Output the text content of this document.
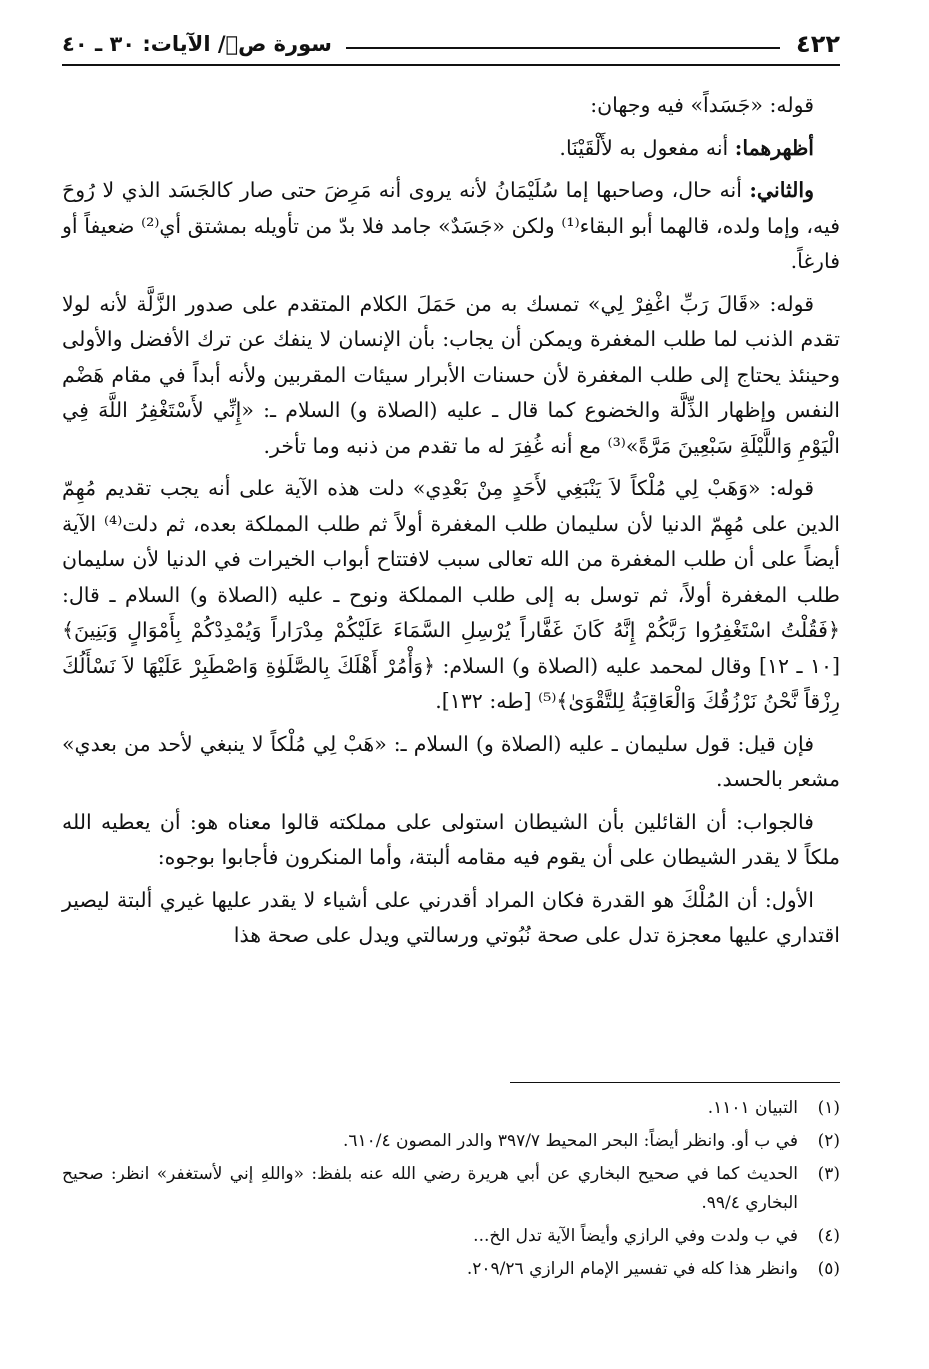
٤٢٢
سورة صۤ/ الآيات: ٣٠ ـ ٤٠

قوله: «جَسَداً» فيه وجهان:

أظهرهما: أنه مفعول به لأَلْقَيْنَا.

والثاني: أنه حال، وصاحبها إما سُلَيْمَانُ لأنه يروى أنه مَرِضَ حتى صار كالجَسَد الذي لا رُوحَ فيه، وإما ولده، قالهما أبو البقاء⁽¹⁾ ولكن «جَسَدٌ» جامد فلا بدّ من تأويله بمشتق أي⁽²⁾ ضعيفاً أو فارغاً.

قوله: «قَالَ رَبِّ اغْفِرْ لِي» تمسك به من حَمَلَ الكلام المتقدم على صدور الزَّلَّة لأنه لولا تقدم الذنب لما طلب المغفرة ويمكن أن يجاب: بأن الإنسان لا ينفك عن ترك الأفضل والأولى وحينئذ يحتاج إلى طلب المغفرة لأن حسنات الأبرار سيئات المقربين ولأنه أبداً في مقام هَضْم النفس وإظهار الذِّلَّة والخضوع كما قال ـ عليه (الصلاة و) السلام ـ: «إِنِّي لأَسْتَغْفِرُ اللَّهَ فِي الْيَوْمِ وَاللَّيْلَةِ سَبْعِينَ مَرَّةً»⁽³⁾ مع أنه غُفِرَ له ما تقدم من ذنبه وما تأخر.

قوله: «وَهَبْ لِي مُلْكاً لاَ يَنْبَغِي لأَحَدٍ مِنْ بَعْدِي» دلت هذه الآية على أنه يجب تقديم مُهِمّ الدين على مُهِمّ الدنيا لأن سليمان طلب المغفرة أولاً ثم طلب المملكة بعده، ثم دلت⁽⁴⁾ الآية أيضاً على أن طلب المغفرة من الله تعالى سبب لافتتاح أبواب الخيرات في الدنيا لأن سليمان طلب المغفرة أولاً، ثم توسل به إلى طلب المملكة ونوح ـ عليه (الصلاة و) السلام ـ قال: ﴿فَقُلْتُ اسْتَغْفِرُوا رَبَّكُمْ إِنَّهُ كَانَ غَفَّاراً يُرْسِلِ السَّمَاءَ عَلَيْكُمْ مِدْرَاراً وَيُمْدِدْكُمْ بِأَمْوَالٍ وَبَنِينَ﴾ [١٠ ـ ١٢] وقال لمحمد عليه (الصلاة و) السلام: ﴿وَأْمُرْ أَهْلَكَ بِالصَّلَوٰةِ وَاصْطَبِرْ عَلَيْهَا لاَ نَسْأَلُكَ رِزْقاً نَّحْنُ نَرْزُقُكَ وَالْعَاقِبَةُ لِلتَّقْوَىٰ﴾⁽⁵⁾ [طه: ١٣٢].

فإن قيل: قول سليمان ـ عليه (الصلاة و) السلام ـ: «هَبْ لِي مُلْكاً لا ينبغي لأحد من بعدي» مشعر بالحسد.

فالجواب: أن القائلين بأن الشيطان استولى على مملكته قالوا معناه هو: أن يعطيه الله ملكاً لا يقدر الشيطان على أن يقوم فيه مقامه ألبتة، وأما المنكرون فأجابوا بوجوه:

الأول: أن المُلْكَ هو القدرة فكان المراد أقدرني على أشياء لا يقدر عليها غيري ألبتة ليصير اقتداري عليها معجزة تدل على صحة نُبُوتي ورسالتي ويدل على صحة هذا

(١)
التبيان ١١٠١.
(٢)
في ب أو. وانظر أيضاً: البحر المحيط ٣٩٧/٧ والدر المصون ٦١٠/٤.
(٣)
الحديث كما في صحيح البخاري عن أبي هريرة رضي الله عنه بلفظ: «واللهِ إني لأستغفر» انظر: صحيح البخاري ٩٩/٤.
(٤)
في ب ولدت وفي الرازي وأيضاً الآية تدل الخ...
(٥)
وانظر هذا كله في تفسير الإمام الرازي ٢٠٩/٢٦.
